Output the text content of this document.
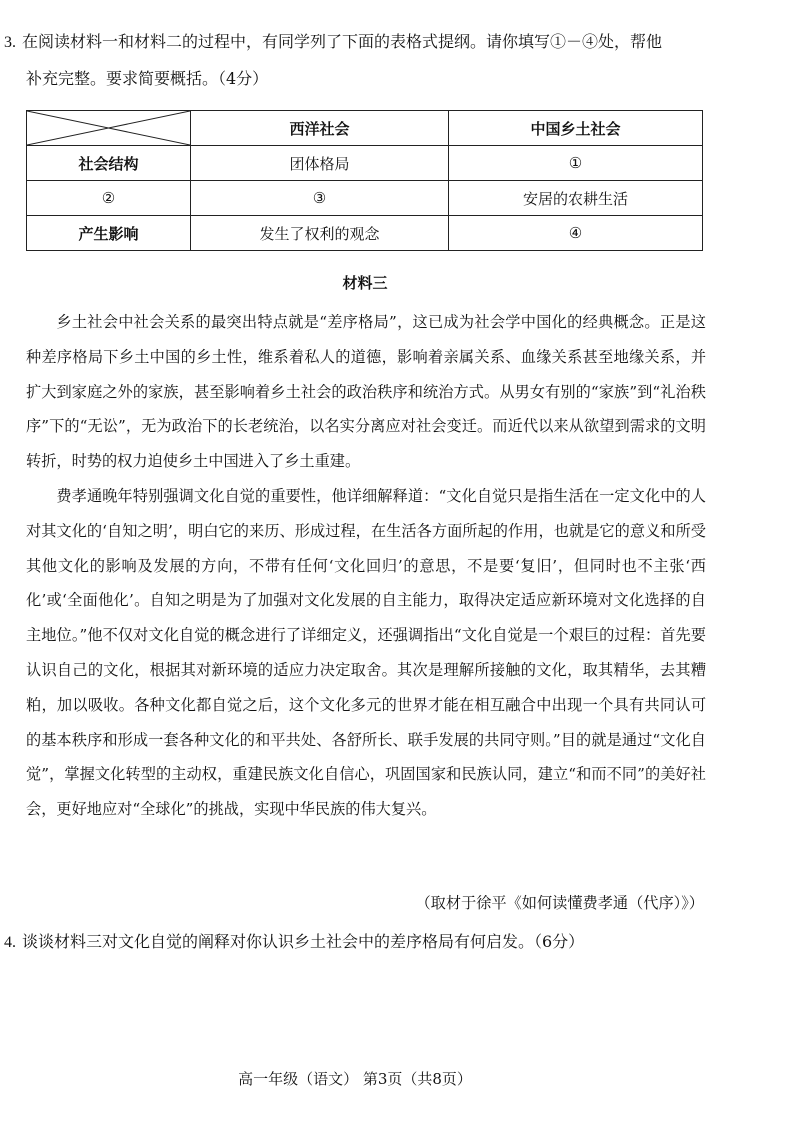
3. 在阅读材料一和材料二的过程中，有同学列了下面的表格式提纲。请你填写①－④处，帮他
补充完整。要求简要概括。（4分）
	西洋社会	中国乡土社会
社会结构	团体格局	①
②	③	安居的农耕生活
产生影响	发生了权利的观念	④
材料三

乡土社会中社会关系的最突出特点就是“差序格局”，这已成为社会学中国化的经典概念。正是这种差序格局下乡土中国的乡土性，维系着私人的道德，影响着亲属关系、血缘关系甚至地缘关系，并扩大到家庭之外的家族，甚至影响着乡土社会的政治秩序和统治方式。从男女有别的“家族”到“礼治秩序”下的“无讼”，无为政治下的长老统治，以名实分离应对社会变迁。而近代以来从欲望到需求的文明转折，时势的权力迫使乡土中国进入了乡土重建。

费孝通晚年特别强调文化自觉的重要性，他详细解释道：“文化自觉只是指生活在一定文化中的人对其文化的‘自知之明’，明白它的来历、形成过程，在生活各方面所起的作用，也就是它的意义和所受其他文化的影响及发展的方向，不带有任何‘文化回归’的意思，不是要‘复旧’，但同时也不主张‘西化’或‘全面他化’。自知之明是为了加强对文化发展的自主能力，取得决定适应新环境对文化选择的自主地位。”他不仅对文化自觉的概念进行了详细定义，还强调指出“文化自觉是一个艰巨的过程：首先要认识自己的文化，根据其对新环境的适应力决定取舍。其次是理解所接触的文化，取其精华，去其糟粕，加以吸收。各种文化都自觉之后，这个文化多元的世界才能在相互融合中出现一个具有共同认可的基本秩序和形成一套各种文化的和平共处、各舒所长、联手发展的共同守则。”目的就是通过“文化自觉”，掌握文化转型的主动权，重建民族文化自信心，巩固国家和民族认同，建立“和而不同”的美好社会，更好地应对“全球化”的挑战，实现中华民族的伟大复兴。

（取材于徐平《如何读懂费孝通（代序）》）
4. 谈谈材料三对文化自觉的阐释对你认识乡土社会中的差序格局有何启发。（6分）
高一年级（语文） 第3页（共8页）
